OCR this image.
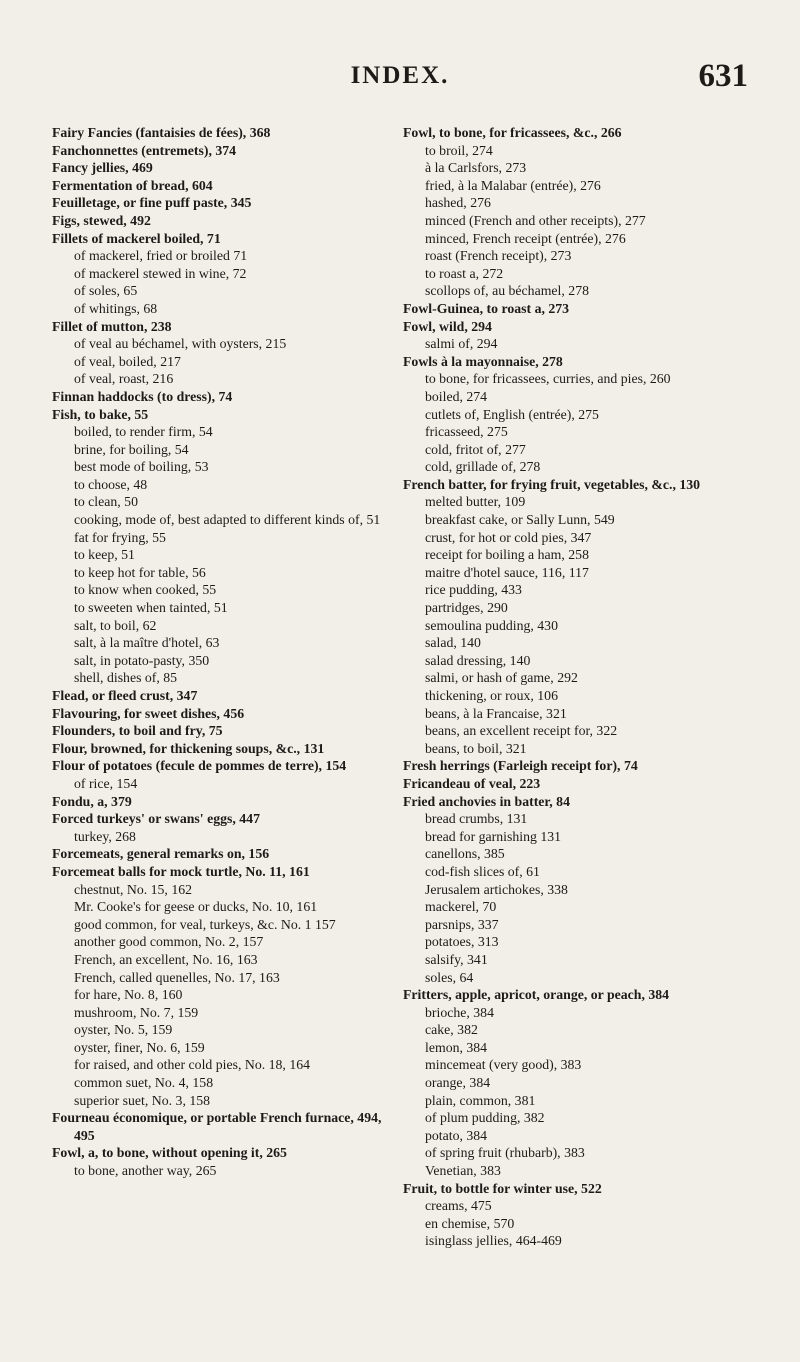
INDEX.	631

Fairy Fancies (fantaisies de fées), 368

Fanchonnettes (entremets), 374

Fancy jellies, 469

Fermentation of bread, 604

Feuilletage, or fine puff paste, 345

Figs, stewed, 492

Fillets of mackerel boiled, 71

of mackerel, fried or broiled 71

of mackerel stewed in wine, 72

of soles, 65

of whitings, 68

Fillet of mutton, 238

of veal au béchamel, with oysters, 215

of veal, boiled, 217

of veal, roast, 216

Finnan haddocks (to dress), 74

Fish, to bake, 55

boiled, to render firm, 54

brine, for boiling, 54

best mode of boiling, 53

to choose, 48

to clean, 50

cooking, mode of, best adapted to different kinds of, 51

fat for frying, 55

to keep, 51

to keep hot for table, 56

to know when cooked, 55

to sweeten when tainted, 51

salt, to boil, 62

salt, à la maître d'hotel, 63

salt, in potato-pasty, 350

shell, dishes of, 85

Flead, or fleed crust, 347

Flavouring, for sweet dishes, 456

Flounders, to boil and fry, 75

Flour, browned, for thickening soups, &c., 131

Flour of potatoes (fecule de pommes de terre), 154

of rice, 154

Fondu, a, 379

Forced turkeys' or swans' eggs, 447

turkey, 268

Forcemeats, general remarks on, 156

Forcemeat balls for mock turtle, No. 11, 161

chestnut, No. 15, 162

Mr. Cooke's for geese or ducks, No. 10, 161

good common, for veal, turkeys, &c. No. 1 157

another good common, No. 2, 157

French, an excellent, No. 16, 163

French, called quenelles, No. 17, 163

for hare, No. 8, 160

mushroom, No. 7, 159

oyster, No. 5, 159

oyster, finer, No. 6, 159

for raised, and other cold pies, No. 18, 164

common suet, No. 4, 158

superior suet, No. 3, 158

Fourneau économique, or portable French furnace, 494, 495

Fowl, a, to bone, without opening it, 265

to bone, another way, 265

Fowl, to bone, for fricassees, &c., 266

to broil, 274

à la Carlsfors, 273

fried, à la Malabar (entrée), 276

hashed, 276

minced (French and other receipts), 277

minced, French receipt (entrée), 276

roast (French receipt), 273

to roast a, 272

scollops of, au béchamel, 278

Fowl-Guinea, to roast a, 273

Fowl, wild, 294

salmi of, 294

Fowls à la mayonnaise, 278

to bone, for fricassees, curries, and pies, 260

boiled, 274

cutlets of, English (entrée), 275

fricasseed, 275

cold, fritot of, 277

cold, grillade of, 278

French batter, for frying fruit, vegetables, &c., 130

melted butter, 109

breakfast cake, or Sally Lunn, 549

crust, for hot or cold pies, 347

receipt for boiling a ham, 258

maitre d'hotel sauce, 116, 117

rice pudding, 433

partridges, 290

semoulina pudding, 430

salad, 140

salad dressing, 140

salmi, or hash of game, 292

thickening, or roux, 106

beans, à la Francaise, 321

beans, an excellent receipt for, 322

beans, to boil, 321

Fresh herrings (Farleigh receipt for), 74

Fricandeau of veal, 223

Fried anchovies in batter, 84

bread crumbs, 131

bread for garnishing 131

canellons, 385

cod-fish slices of, 61

Jerusalem artichokes, 338

mackerel, 70

parsnips, 337

potatoes, 313

salsify, 341

soles, 64

Fritters, apple, apricot, orange, or peach, 384

brioche, 384

cake, 382

lemon, 384

mincemeat (very good), 383

orange, 384

plain, common, 381

of plum pudding, 382

potato, 384

of spring fruit (rhubarb), 383

Venetian, 383

Fruit, to bottle for winter use, 522

creams, 475

en chemise, 570

isinglass jellies, 464-469
